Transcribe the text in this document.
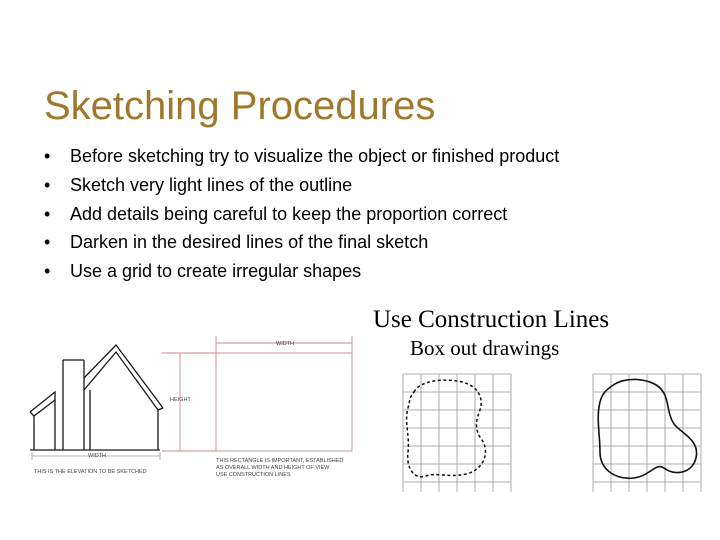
Sketching Procedures
• Before sketching try to visualize the object or finished product
• Sketch very light lines of the outline
• Add details being careful to keep the proportion correct
• Darken in the desired lines of the final sketch
• Use a grid to create irregular shapes
Use Construction Lines
Box out drawings
WIDTH
THIS IS THE ELEVATION TO BE SKETCHED
WIDTH
HEIGHT
THIS RECTANGLE IS IMPORTANT, ESTABLISHED
AS OVERALL WIDTH AND HEIGHT OF VIEW
USE CONSTRUCTION LINES
